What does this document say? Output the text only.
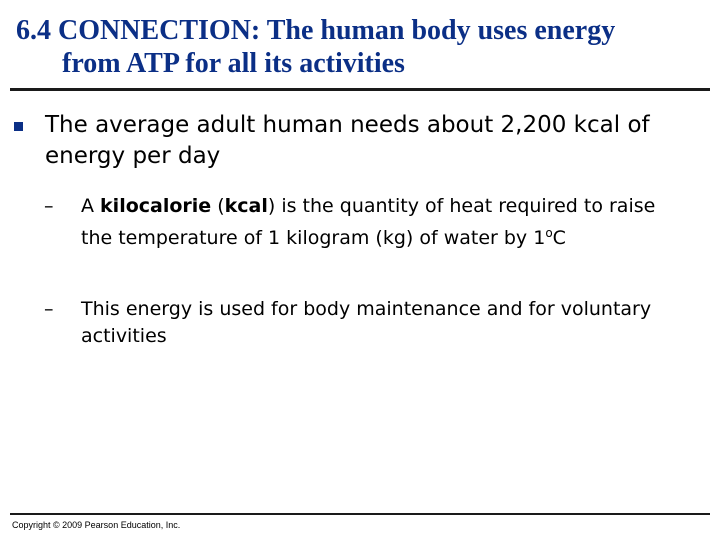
6.4 CONNECTION: The human body uses energy
from ATP for all its activities
The average adult human needs about 2,200 kcal of energy per day
–	A kilocalorie (kcal) is the quantity of heat required to raise the temperature of 1 kilogram (kg) of water by 1$^o$C
–	This energy is used for body maintenance and for voluntary activities
Copyright © 2009 Pearson Education, Inc.
